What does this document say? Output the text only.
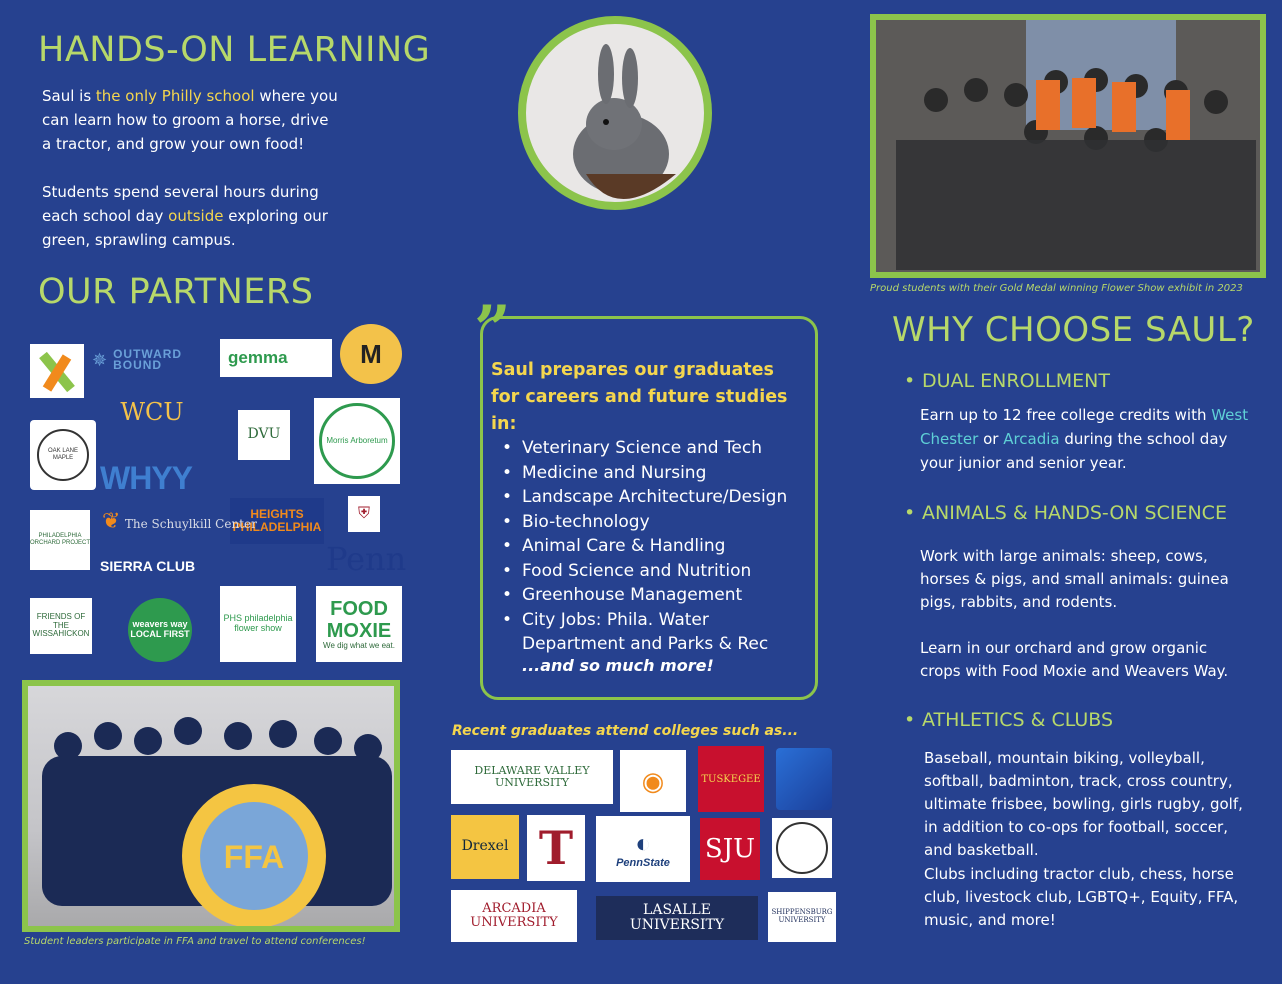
HANDS-ON LEARNING
Saul is the only Philly school where you can learn how to groom a horse, drive a tractor, and grow your own food!
Students spend several hours during each school day outside exploring our green, sprawling campus.
OUR PARTNERS
✵ OUTWARD BOUND	gemma	M
OAK LANE MAPLE
WCU
DVU	Morris Arboretum
WHYY
HEIGHTS PHILADELPHIA
Penn
⛨
❦ The Schuylkill Center
PHILADELPHIA ORCHARD PROJECT
SIERRA CLUB
FRIENDS OF THE WISSAHICKON
weavers way LOCAL FIRST
PHS philadelphia flower show
FOOD MOXIE
We dig what we eat.
FFA
Student leaders participate in FFA and travel to attend conferences!
”
Saul prepares our graduates for careers and future studies in:
• Veterinary Science and Tech
• Medicine and Nursing
• Landscape Architecture/Design
• Bio-technology
• Animal Care & Handling
• Food Science and Nutrition
• Greenhouse Management
• City Jobs: Phila. Water Department and Parks & Rec
...and so much more!
Recent graduates attend colleges such as...
DELAWARE VALLEY UNIVERSITY	◉	TUSKEGEE
Drexel T ◐
PennState SJU
ARCADIA UNIVERSITY
LASALLE UNIVERSITY
SHIPPENSBURG UNIVERSITY
Proud students with their Gold Medal winning Flower Show exhibit in 2023
WHY CHOOSE SAUL?
• DUAL ENROLLMENT
Earn up to 12 free college credits with West Chester or Arcadia during the school day your junior and senior year.
• ANIMALS & HANDS-ON SCIENCE
Work with large animals: sheep, cows, horses & pigs, and small animals: guinea pigs, rabbits, and rodents.
Learn in our orchard and grow organic crops with Food Moxie and Weavers Way.
• ATHLETICS & CLUBS
Baseball, mountain biking, volleyball, softball, badminton, track, cross country, ultimate frisbee, bowling, girls rugby, golf, in addition to co-ops for football, soccer, and basketball.
Clubs including tractor club, chess, horse club, livestock club, LGBTQ+, Equity, FFA, music, and more!
